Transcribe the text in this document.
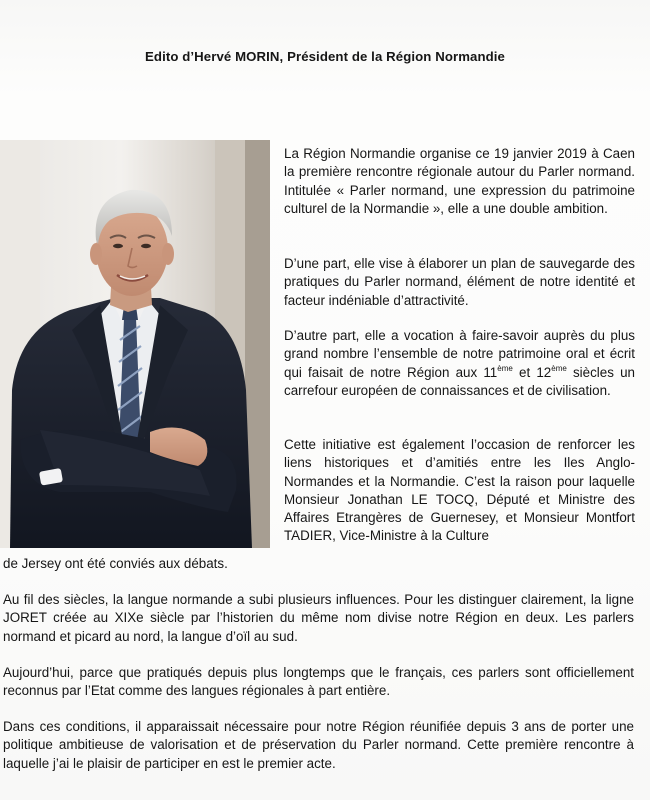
Edito d’Hervé MORIN, Président de la Région Normandie

La Région Normandie organise ce 19 janvier 2019 à Caen la première rencontre régionale autour du Parler normand. Intitulée « Parler normand, une expression du patrimoine culturel de la Normandie », elle a une double ambition.

D’une part, elle vise à élaborer un plan de sauvegarde des pratiques du Parler normand, élément de notre identité et facteur indéniable d’attractivité.

D’autre part, elle a vocation à faire-savoir auprès du plus grand nombre l’ensemble de notre patrimoine oral et écrit qui faisait de notre Région aux 11ème et 12ème siècles un carrefour européen de connaissances et de civilisation.

Cette initiative est également l’occasion de renforcer les liens historiques et d’amitiés entre les Iles Anglo-Normandes et la Normandie. C’est la raison pour laquelle Monsieur Jonathan LE TOCQ, Député et Ministre des Affaires Etrangères de Guernesey, et Monsieur Montfort TADIER, Vice-Ministre à la Culture

de Jersey ont été conviés aux débats.

Au fil des siècles, la langue normande a subi plusieurs influences. Pour les distinguer clairement, la ligne JORET créée au XIXe siècle par l’historien du même nom divise notre Région en deux. Les parlers normand et picard au nord, la langue d’oïl au sud.

Aujourd’hui, parce que pratiqués depuis plus longtemps que le français, ces parlers sont officiellement reconnus par l’Etat comme des langues régionales à part entière.

Dans ces conditions, il apparaissait nécessaire pour notre Région réunifiée depuis 3 ans de porter une politique ambitieuse de valorisation et de préservation du Parler normand. Cette première rencontre à laquelle j’ai le plaisir de participer en est le premier acte.
